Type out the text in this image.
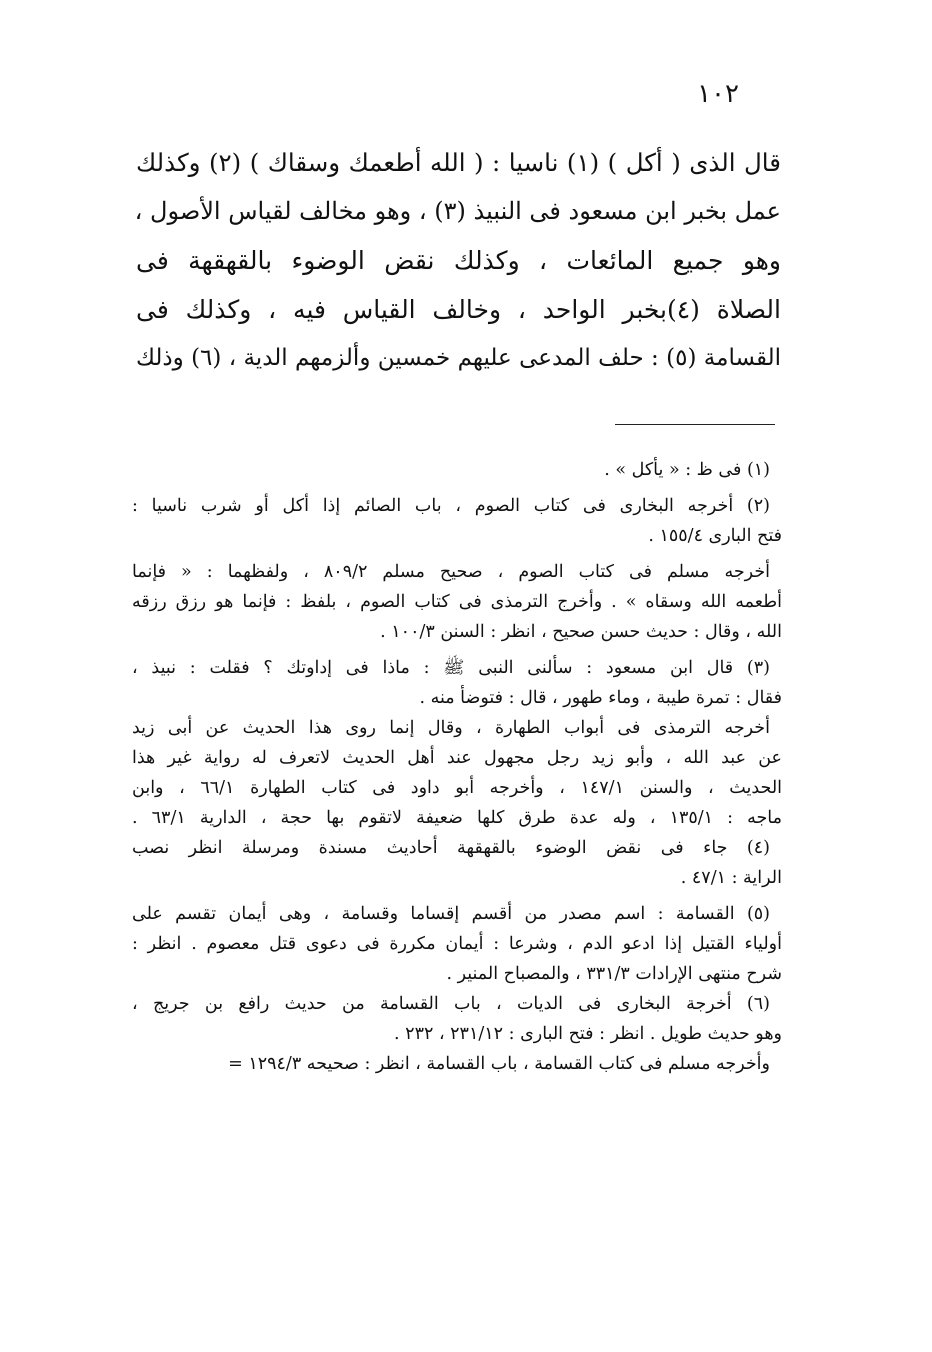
١٠٢
قال الذى ( أكل ) (١) ناسيا : ( الله أطعمك وسقاك ) (٢) وكذلك
عمل بخبر ابن مسعود فى النبيذ (٣) ، وهو مخالف لقياس الأصول ،
وهو جميع المائعات ، وكذلك نقض الوضوء بالقهقهة فى
الصلاة (٤)بخبر الواحد ، وخالف القياس فيه ، وكذلك فى
القسامة (٥) : حلف المدعى عليهم خمسين وألزمهم الدية ، (٦) وذلك
(١) فى ظ : « يأكل » .
(٢) أخرجه البخارى فى كتاب الصوم ، باب الصائم إذا أكل أو شرب ناسيا :
فتح البارى ١٥٥/٤ .
أخرجه مسلم فى كتاب الصوم ، صحيح مسلم ٨٠٩/٢ ، ولفظهما : « فإنما
أطعمه الله وسقاه » . وأخرج الترمذى فى كتاب الصوم ، بلفظ : فإنما هو رزق رزقه
الله ، وقال : حديث حسن صحيح ، انظر : السنن ١٠٠/٣ .
(٣) قال ابن مسعود : سألنى النبى ﷺ : ماذا فى إداوتك ؟ فقلت : نبيذ ،
فقال : تمرة طيبة ، وماء طهور ، قال : فتوضأ منه .
أخرجه الترمذى فى أبواب الطهارة ، وقال إنما روى هذا الحديث عن أبى زيد
عن عبد الله ، وأبو زيد رجل مجهول عند أهل الحديث لاتعرف له رواية غير هذا
الحديث ، والسنن ١٤٧/١ ، وأخرجه أبو داود فى كتاب الطهارة ٦٦/١ ، وابن
ماجه : ١٣٥/١ ، وله عدة طرق كلها ضعيفة لاتقوم بها حجة ، الدارية ٦٣/١ .
(٤) جاء فى نقض الوضوء بالقهقهة أحاديث مسندة ومرسلة انظر نصب
الراية : ٤٧/١ .
(٥) القسامة : اسم مصدر من أقسم إقساما وقسامة ، وهى أيمان تقسم على
أولياء القتيل إذا ادعو الدم ، وشرعا : أيمان مكررة فى دعوى قتل معصوم . انظر :
شرح منتهى الإرادات ٣٣١/٣ ، والمصباح المنير .
(٦) أخرجة البخارى فى الديات ، باب القسامة من حديث رافع بن جريج ،
وهو حديث طويل . انظر : فتح البارى : ٢٣١/١٢ ، ٢٣٢ .
وأخرجه مسلم فى كتاب القسامة ، باب القسامة ، انظر : صحيحه ١٢٩٤/٣ =
